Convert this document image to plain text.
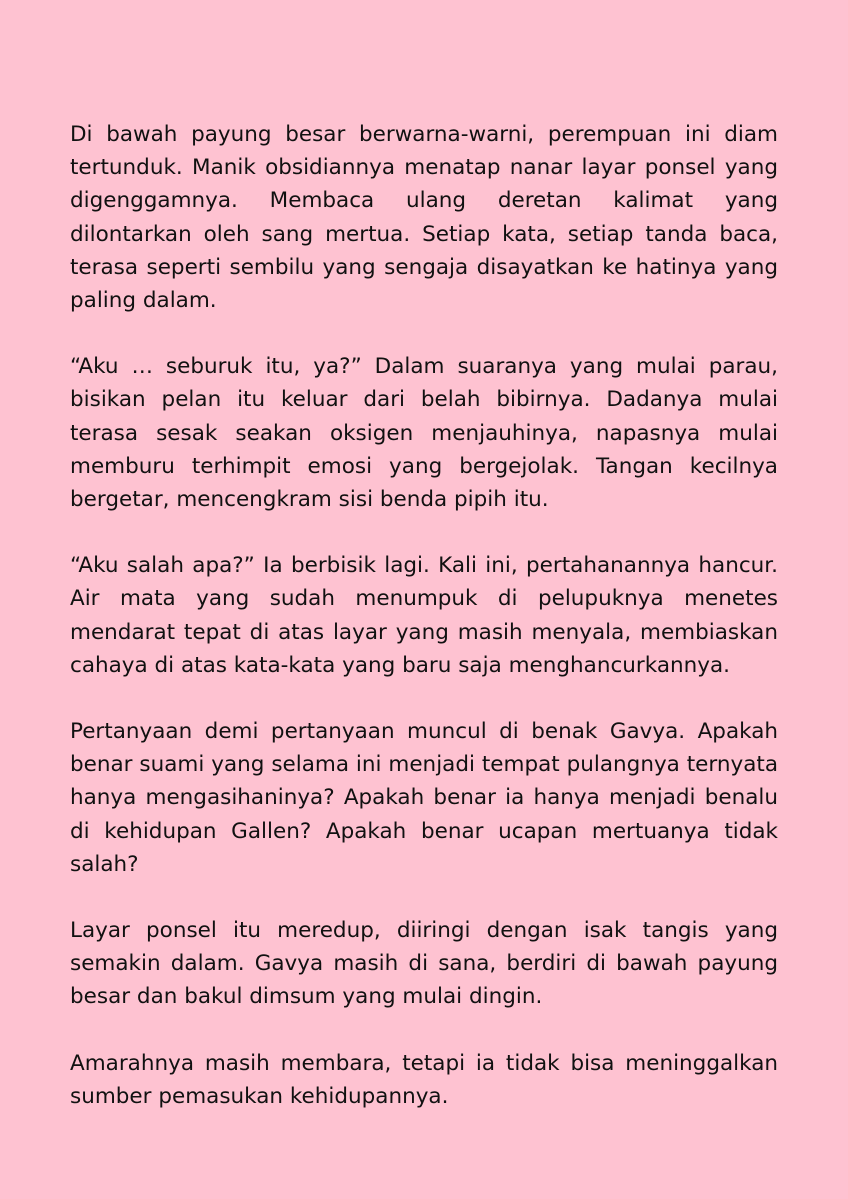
Di bawah payung besar berwarna-warni, perempuan ini diam tertunduk. Manik obsidiannya menatap nanar layar ponsel yang digenggamnya. Membaca ulang deretan kalimat yang dilontarkan oleh sang mertua. Setiap kata, setiap tanda baca, terasa seperti sembilu yang sengaja disayatkan ke hatinya yang paling dalam.

“Aku … seburuk itu, ya?” Dalam suaranya yang mulai parau, bisikan pelan itu keluar dari belah bibirnya. Dadanya mulai terasa sesak seakan oksigen menjauhinya, napasnya mulai memburu terhimpit emosi yang bergejolak. Tangan kecilnya bergetar, mencengkram sisi benda pipih itu.

“Aku salah apa?” Ia berbisik lagi. Kali ini, pertahanannya hancur. Air mata yang sudah menumpuk di pelupuknya menetes mendarat tepat di atas layar yang masih menyala, membiaskan cahaya di atas kata-kata yang baru saja menghancurkannya.

Pertanyaan demi pertanyaan muncul di benak Gavya. Apakah benar suami yang selama ini menjadi tempat pulangnya ternyata hanya mengasihaninya? Apakah benar ia hanya menjadi benalu di kehidupan Gallen? Apakah benar ucapan mertuanya tidak salah?

Layar ponsel itu meredup, diiringi dengan isak tangis yang semakin dalam. Gavya masih di sana, berdiri di bawah payung besar dan bakul dimsum yang mulai dingin.

Amarahnya masih membara, tetapi ia tidak bisa meninggalkan sumber pemasukan kehidupannya.
